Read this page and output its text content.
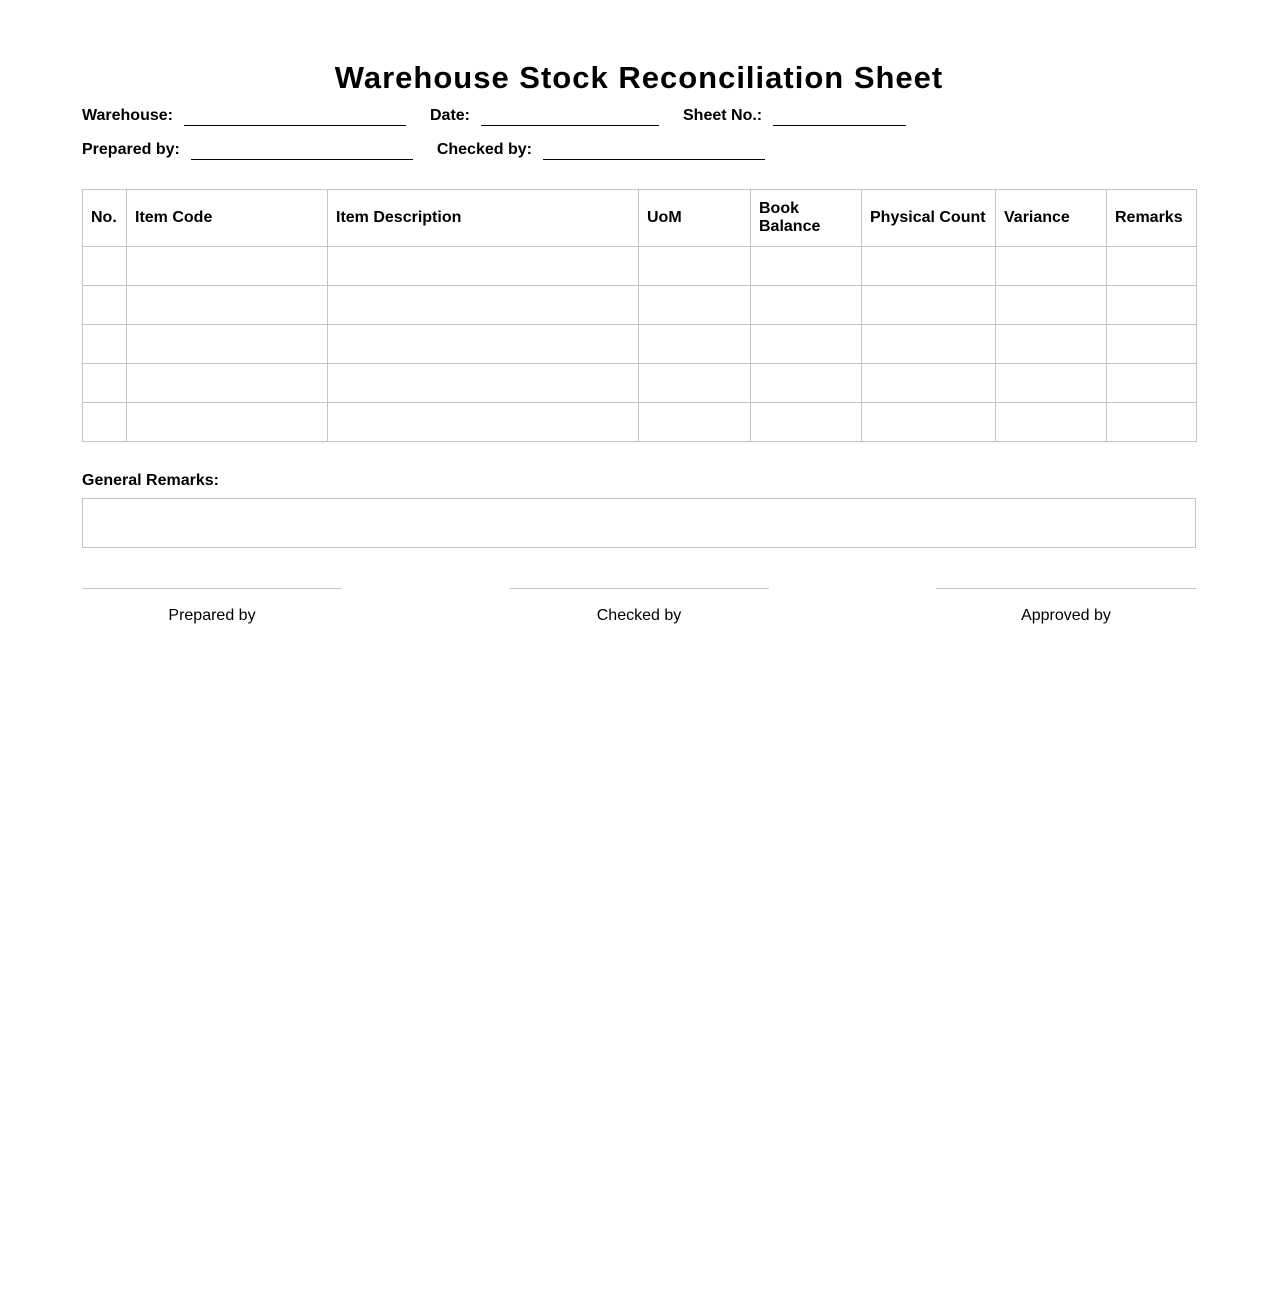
Warehouse Stock Reconciliation Sheet
Warehouse:	Date:	Sheet No.:
Prepared by:	Checked by:
No.	Item Code	Item Description	UoM	Book Balance	Physical Count	Variance	Remarks

General Remarks:
Prepared by	Checked by	Approved by
